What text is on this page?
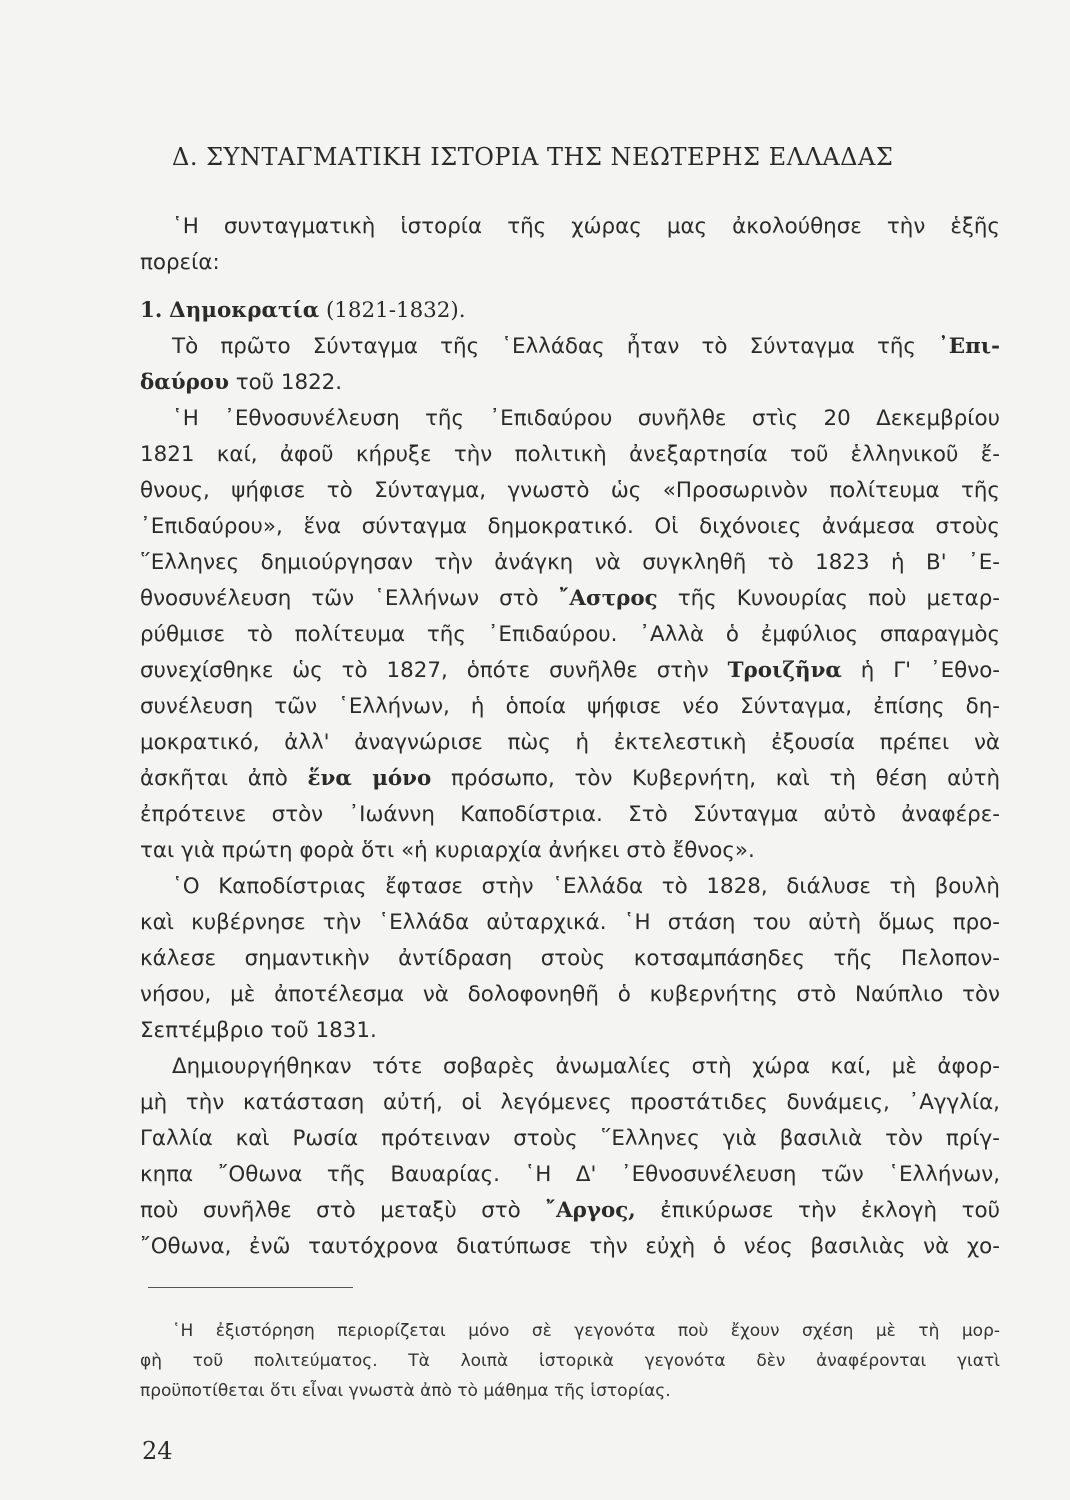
Δ. ΣΥΝΤΑΓΜΑΤΙΚΗ ΙΣΤΟΡΙΑ ΤΗΣ ΝΕΩΤΕΡΗΣ ΕΛΛΑΔΑΣ
῾Η συνταγματικὴ ἱστορία τῆς χώρας μας ἀκολούθησε τὴν ἑξῆς
πορεία:
1. Δημοκρατία (1821-1832).
Τὸ πρῶτο Σύνταγμα τῆς ῾Ελλάδας ἦταν τὸ Σύνταγμα τῆς ᾿Επι-
δαύρου τοῦ 1822.
῾Η ᾿Εθνοσυνέλευση τῆς ᾿Επιδαύρου συνῆλθε στὶς 20 Δεκεμβρίου
1821 καί, ἀφοῦ κήρυξε τὴν πολιτικὴ ἀνεξαρτησία τοῦ ἑλληνικοῦ ἔ-
θνους, ψήφισε τὸ Σύνταγμα, γνωστὸ ὡς «Προσωρινὸν πολίτευμα τῆς
᾿Επιδαύρου», ἕνα σύνταγμα δημοκρατικό. Οἱ διχόνοιες ἀνάμεσα στοὺς
῞Ελληνες δημιούργησαν τὴν ἀνάγκη νὰ συγκληθῆ τὸ 1823 ἡ Β' ᾿Ε-
θνοσυνέλευση τῶν ῾Ελλήνων στὸ ῎Αστρος τῆς Κυνουρίας ποὺ μεταρ-
ρύθμισε τὸ πολίτευμα τῆς ᾿Επιδαύρου. ᾿Αλλὰ ὁ ἐμφύλιος σπαραγμὸς
συνεχίσθηκε ὡς τὸ 1827, ὁπότε συνῆλθε στὴν Τροιζῆνα ἡ Γ' ᾿Εθνο-
συνέλευση τῶν ῾Ελλήνων, ἡ ὁποία ψήφισε νέο Σύνταγμα, ἐπίσης δη-
μοκρατικό, ἀλλ' ἀναγνώρισε πὼς ἡ ἐκτελεστικὴ ἐξουσία πρέπει νὰ
ἀσκῆται ἀπὸ ἕνα μόνο πρόσωπο, τὸν Κυβερνήτη, καὶ τὴ θέση αὐτὴ
ἐπρότεινε στὸν ᾿Ιωάννη Καποδίστρια. Στὸ Σύνταγμα αὐτὸ ἀναφέρε-
ται γιὰ πρώτη φορὰ ὅτι «ἡ κυριαρχία ἀνήκει στὸ ἔθνος».
῾Ο Καποδίστριας ἔφτασε στὴν ῾Ελλάδα τὸ 1828, διάλυσε τὴ βουλὴ
καὶ κυβέρνησε τὴν ῾Ελλάδα αὐταρχικά. ῾Η στάση του αὐτὴ ὅμως προ-
κάλεσε σημαντικὴν ἀντίδραση στοὺς κοτσαμπάσηδες τῆς Πελοπον-
νήσου, μὲ ἀποτέλεσμα νὰ δολοφονηθῆ ὁ κυβερνήτης στὸ Ναύπλιο τὸν
Σεπτέμβριο τοῦ 1831.
Δημιουργήθηκαν τότε σοβαρὲς ἀνωμαλίες στὴ χώρα καί, μὲ ἀφορ-
μὴ τὴν κατάσταση αὐτή, οἱ λεγόμενες προστάτιδες δυνάμεις, ᾿Αγγλία,
Γαλλία καὶ Ρωσία πρότειναν στοὺς ῞Ελληνες γιὰ βασιλιὰ τὸν πρίγ-
κηπα ῎Οθωνα τῆς Βαυαρίας. ῾Η Δ' ᾿Εθνοσυνέλευση τῶν ῾Ελλήνων,
ποὺ συνῆλθε στὸ μεταξὺ στὸ ῎Αργος, ἐπικύρωσε τὴν ἐκλογὴ τοῦ
῎Οθωνα, ἐνῶ ταυτόχρονα διατύπωσε τὴν εὐχὴ ὁ νέος βασιλιὰς νὰ χο-
῾Η ἐξιστόρηση περιορίζεται μόνο σὲ γεγονότα ποὺ ἔχουν σχέση μὲ τὴ μορ-
φὴ τοῦ πολιτεύματος. Τὰ λοιπὰ ἱστορικὰ γεγονότα δὲν ἀναφέρονται γιατὶ
προϋποτίθεται ὅτι εἶναι γνωστὰ ἀπὸ τὸ μάθημα τῆς ἱστορίας.
24
